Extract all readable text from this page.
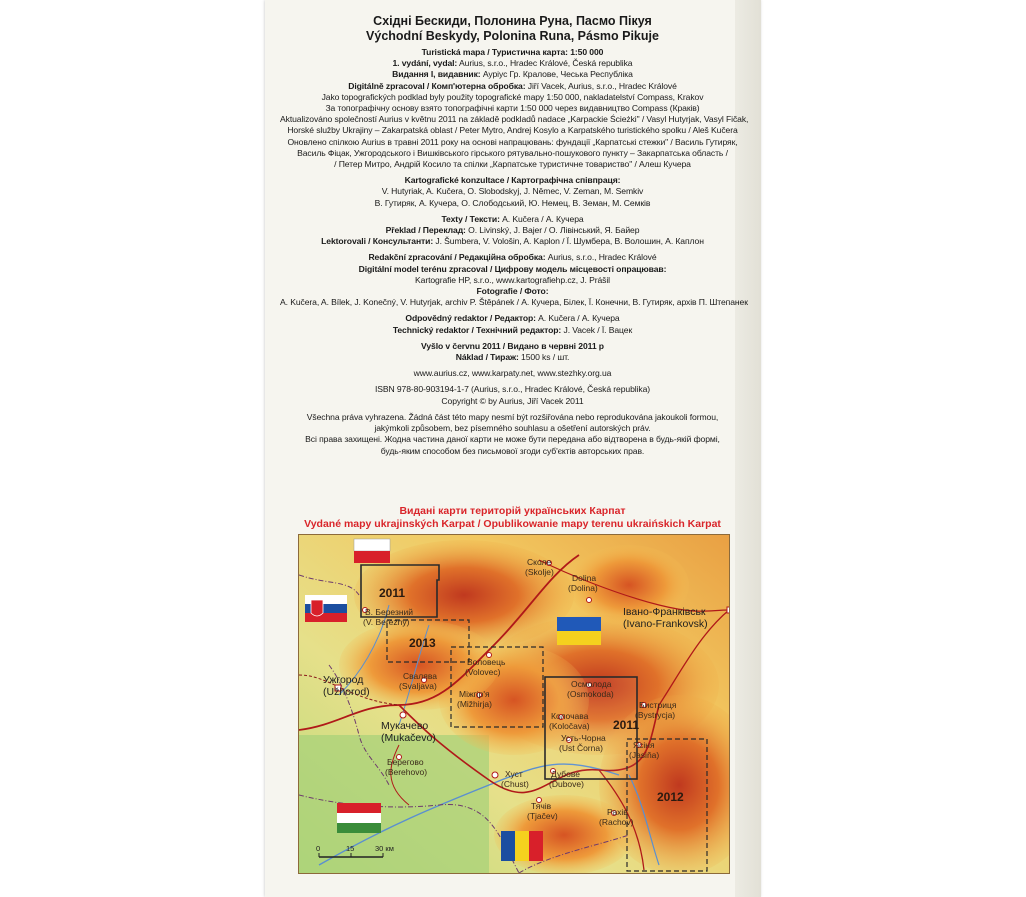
Східні Бескиди, Полонина Руна, Пасмо Пікуя
Východní Beskydy, Polonina Runa, Pásmo Pikuje
Turistická mapa / Туристична карта: 1:50 000
1. vydání, vydal: Aurius, s.r.o., Hradec Králové, Česká republika
Видання І, видавник: Ауріус Гр. Кралове, Чеська Республіка
Digitálně zpracoval / Комп'ютерна обробка: Jiří Vacek, Aurius, s.r.o., Hradec Králové
Jako topografických podklad byly použity topografické mapy 1:50 000, nakladatelství Compass, Krakov
За топографічну основу взято топографічні карти 1:50 000 через видавництво Compass (Краків)
Aktualizováno společností Aurius v květnu 2011 na základě podkladů nadace „Karpackie Ścieżki" / Vasyl Hutyrjak, Vasyl Fičak,
Horské služby Ukrajiny – Zakarpatská oblast / Peter Mytro, Andrej Kosylo a Karpatského turistického spolku / Aleš Kučera
Оновлено спілкою Aurius в травні 2011 року на основі напрацювань: фундації „Карпатські стежки" / Василь Гутиряк,
Василь Фіцак, Ужгородського і Вишківського гірського рятувально-пошукового пункту – Закарпатська область /
/ Петер Митро, Андрій Косило та спілки „Карпатське туристичне товариство" / Алеш Кучера
Kartografické konzultace / Картографічна співпраця:
V. Hutyriak, A. Kučera, O. Slobodskyj, J. Němec, V. Zeman, M. Semkiv
В. Гутиряк, А. Кучера, О. Слободський, Ю. Немец, В. Земан, М. Семків
Texty / Тексти: A. Kučera / А. Кучера
Překlad / Переклад: O. Livinský, J. Bajer / О. Лівінський, Я. Байер
Lektorovali / Консультанти: J. Šumbera, V. Vološin, A. Kaplon / Ї. Шумбера, В. Волошин, А. Каплон
Redakční zpracování / Редакційна обробка: Aurius, s.r.o., Hradec Králové
Digitální model terénu zpracoval / Цифрову модель місцевості опрацював:
Kartografie HP, s.r.o., www.kartografiehp.cz, J. Prášil
Fotografie / Фото:
A. Kučera, A. Bílek, J. Konečný, V. Hutyrjak, archiv P. Štěpánek / А. Кучера, Білек, Ї. Конечни, В. Гутиряк, архів П. Штепанек
Odpovědný redaktor / Редактор: A. Kučera / А. Кучера
Technický redaktor / Технічний редактор: J. Vacek / Ї. Вацек
Vyšlo v červnu 2011 / Видано в червні 2011 р
Náklad / Тираж: 1500 ks / шт.
www.aurius.cz, www.karpaty.net, www.stezhky.org.ua
ISBN 978-80-903194-1-7 (Aurius, s.r.o., Hradec Králové, Česká republika)
Copyright © by Aurius, Jiří Vacek 2011
Všechna práva vyhrazena. Žádná část této mapy nesmí být rozšiřována nebo reprodukována jakoukoli formou,
jakýmkoli způsobem, bez písemného souhlasu a ošetření autorských práv.
Всі права захищені. Жодна частина даної карти не може бути передана або відтворена в будь-якій формі,
будь-яким способом без письмової згоди суб'єктів авторських прав.
Видані карти територій українських Карпат
Vydané mapy ukrajinských Karpat / Opublikowanie mapy terenu ukraińskich Karpat
Сколе
(Skolje)
Dolina
(Dolina)
Івано-Франківськ
(Ivano-Frankovsk)
В. Березний
(V. Berezny)
Воловець
(Volovec)
Ужгород
(Užhorod)
Свалява
(Svaljava)
Міжгір'я
(Mižhirja)
Осмолода
(Osmokoda)
Бистриця
(Bystrycja)
Мукачево
(Mukačevo)
Колочава
(Koločava)
Усть-Чорна
(Ust Čorna)	Ясіня
(Jasiňa)
Берегово
(Berehovo)	Хуст
(Chust)
Дубове
(Dubove)
Тячів
(Tjačev)	Рахів
(Rachov)
2011
2013
2011
2012
0	15	30 км
